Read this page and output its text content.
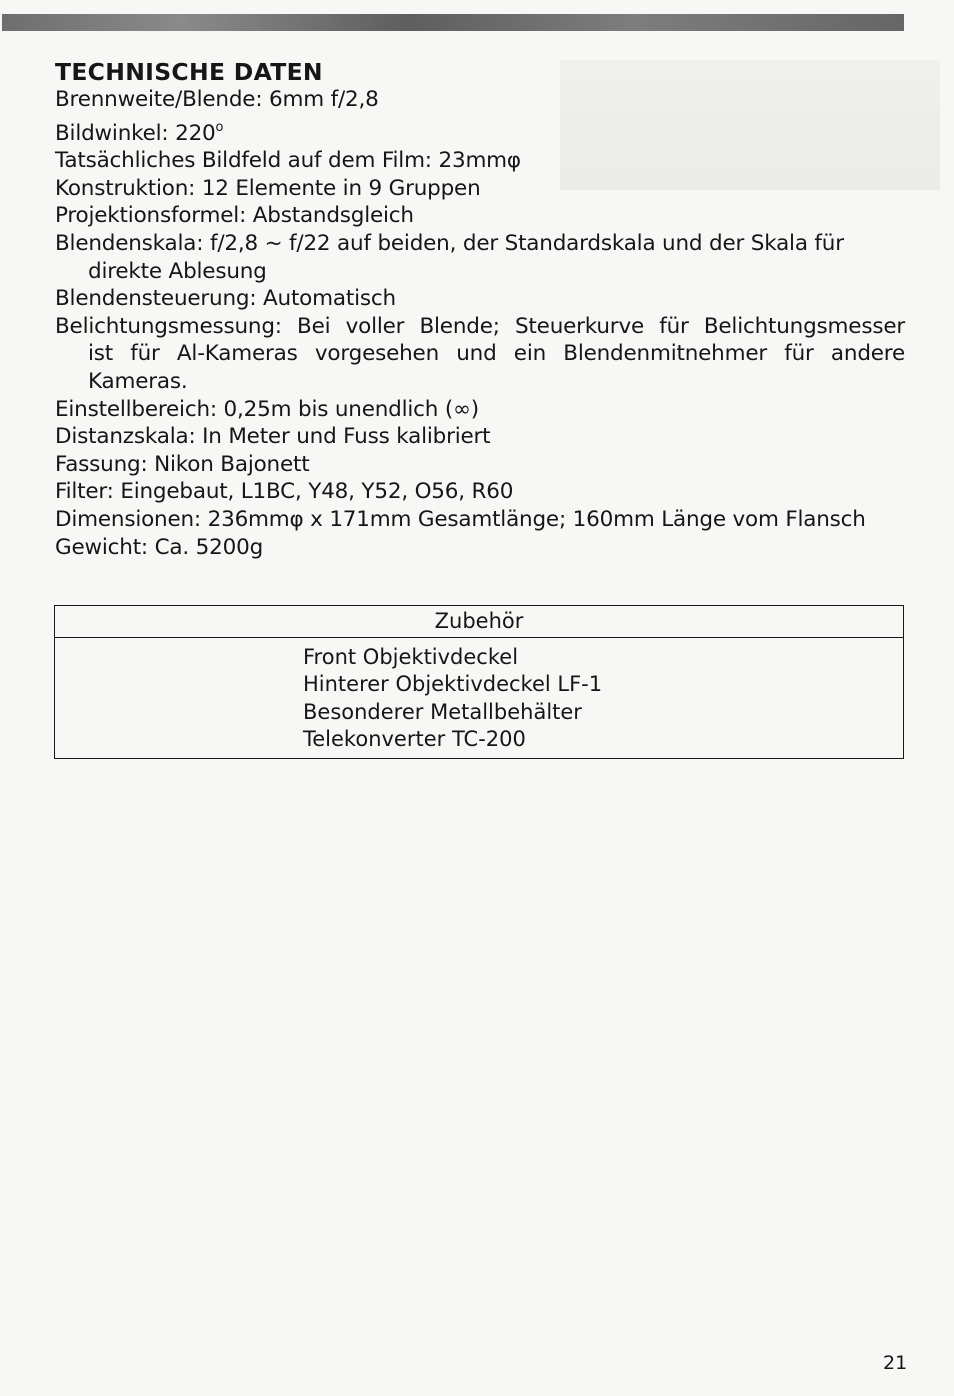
TECHNISCHE DATEN
Brennweite/Blende: 6mm f/2,8
Bildwinkel: 220$^o$
Tatsächliches Bildfeld auf dem Film: 23mmφ
Konstruktion: 12 Elemente in 9 Gruppen
Projektionsformel: Abstandsgleich
Blendenskala: f/2,8 ~ f/22 auf beiden, der Standardskala und der Skala für
direkte Ablesung
Blendensteuerung: Automatisch
Belichtungsmessung: Bei voller Blende; Steuerkurve für Belichtungsmesser
ist für Al-Kameras vorgesehen und ein Blendenmitnehmer für andere
Kameras.
Einstellbereich: 0,25m bis unendlich (∞)
Distanzskala: In Meter und Fuss kalibriert
Fassung: Nikon Bajonett
Filter: Eingebaut, L1BC, Y48, Y52, O56, R60
Dimensionen: 236mmφ x 171mm Gesamtlänge; 160mm Länge vom Flansch
Gewicht: Ca. 5200g
Zubehör
Front Objektivdeckel
Hinterer Objektivdeckel LF-1
Besonderer Metallbehälter
Telekonverter TC-200
21
